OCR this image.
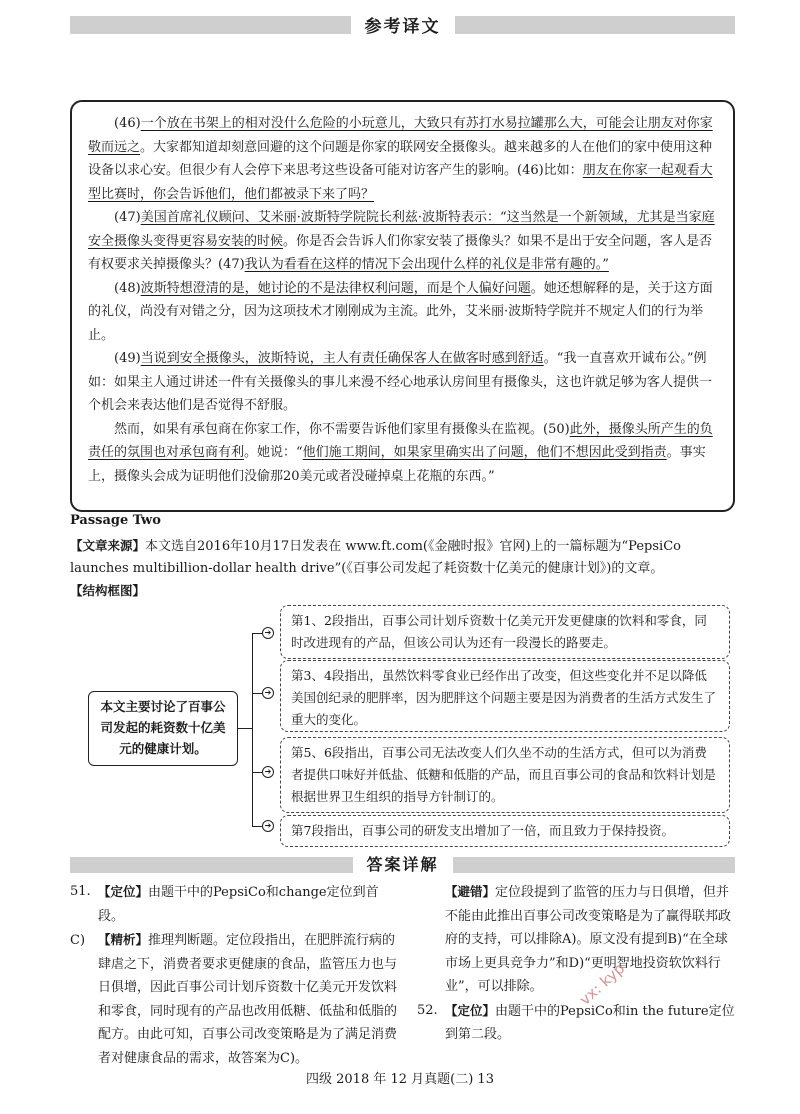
参考译文

(46)一个放在书架上的相对没什么危险的小玩意儿，大致只有苏打水易拉罐那么大，可能会让朋友对你家敬而远之。大家都知道却刻意回避的这个问题是你家的联网安全摄像头。越来越多的人在他们的家中使用这种设备以求心安。但很少有人会停下来思考这些设备可能对访客产生的影响。(46)比如：朋友在你家一起观看大型比赛时，你会告诉他们，他们都被录下来了吗？

(47)美国首席礼仪顾问、艾米丽·波斯特学院院长利兹·波斯特表示：“这当然是一个新领域，尤其是当家庭安全摄像头变得更容易安装的时候。你是否会告诉人们你家安装了摄像头？如果不是出于安全问题，客人是否有权要求关掉摄像头？(47)我认为看看在这样的情况下会出现什么样的礼仪是非常有趣的。”

(48)波斯特想澄清的是，她讨论的不是法律权利问题，而是个人偏好问题。她还想解释的是，关于这方面的礼仪，尚没有对错之分，因为这项技术才刚刚成为主流。此外，艾米丽·波斯特学院并不规定人们的行为举止。

(49)当说到安全摄像头，波斯特说，主人有责任确保客人在做客时感到舒适。“我一直喜欢开诚布公。”例如：如果主人通过讲述一件有关摄像头的事儿来漫不经心地承认房间里有摄像头，这也许就足够为客人提供一个机会来表达他们是否觉得不舒服。

然而，如果有承包商在你家工作，你不需要告诉他们家里有摄像头在监视。(50)此外，摄像头所产生的负责任的氛围也对承包商有利。她说：“他们施工期间，如果家里确实出了问题，他们不想因此受到指责。事实上，摄像头会成为证明他们没偷那20美元或者没碰掉桌上花瓶的东西。”

Passage Two
【文章来源】本文选自2016年10月17日发表在 www.ft.com(《金融时报》官网)上的一篇标题为“PepsiCo launches multibillion-dollar health drive”(《百事公司发起了耗资数十亿美元的健康计划》)的文章。
【结构框图】
本文主要讨论了百事公司发起的耗资数十亿美元的健康计划。
➔
第1、2段指出，百事公司计划斥资数十亿美元开发更健康的饮料和零食，同时改进现有的产品，但该公司认为还有一段漫长的路要走。
➔
第3、4段指出，虽然饮料零食业已经作出了改变，但这些变化并不足以降低美国创纪录的肥胖率，因为肥胖这个问题主要是因为消费者的生活方式发生了重大的变化。
➔
第5、6段指出，百事公司无法改变人们久坐不动的生活方式，但可以为消费者提供口味好并低盐、低糖和低脂的产品，而且百事公司的食品和饮料计划是根据世界卫生组织的指导方针制订的。
➔	第7段指出，百事公司的研发支出增加了一倍，而且致力于保持投资。
答案详解

51. 【定位】由题干中的PepsiCo和change定位到首段。

C) 【精析】推理判断题。定位段指出，在肥胖流行病的肆虐之下，消费者要求更健康的食品，监管压力也与日俱增，因此百事公司计划斥资数十亿美元开发饮料和零食，同时现有的产品也改用低糖、低盐和低脂的配方。由此可知，百事公司改变策略是为了满足消费者对健康食品的需求，故答案为C)。

【避错】定位段提到了监管的压力与日俱增，但并不能由此推出百事公司改变策略是为了赢得联邦政府的支持，可以排除A)。原文没有提到B)“在全球市场上更具竞争力”和D)“更明智地投资软饮料行业”，可以排除。

52. 【定位】由题干中的PepsiCo和in the future定位到第二段。

vx: kyp
四级 2018 年 12 月真题(二) 13
